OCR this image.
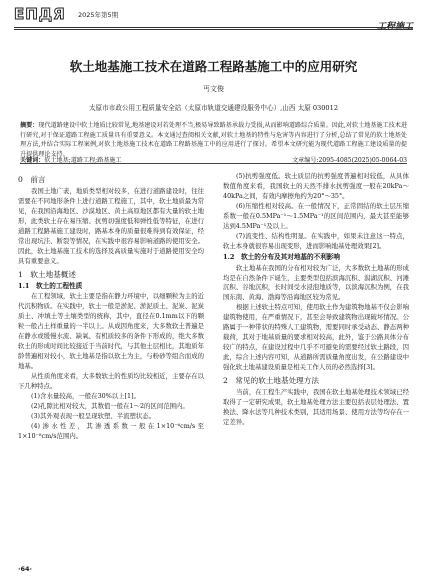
ЕПДЯ	2025年第5期
工程施工
软土地基施工技术在道路工程路基施工中的应用研究
丐文俊
太原市市政公用工程质量安全站（太原市轨道交通建设服务中心）,山西 太原 030012
摘要：现代道路建设中软土地质比较常见,地基建设对若处理不当,极易导致路基承载力受损,从而影响道路综合质量。因此,对软土地基施工技术进行研究,对于保证道路工程施工质量具有重要意义。本文通过查阅相关文献,对软土地基的特性与危害等内容进行了分析,总结了常见的软土地基处理方法,并结合实际工程案例,对软土地基施工技术在道路工程路基施工中的应用进行了探讨。希望本文研究能为现代道路工程施工建设质量的提升提供理论支持。
关键词：软土地基;道路工程;路基施工	文章编号:2095-4085(2025)05-0064-03

0　前言

我国土地广袤，地质类型相对较多，在进行道路建设时，往往需要在不同地形条件上进行道路工程施工，其中，软土地质最为常见，在我国沿海地区、沙漠地区、黄土高原地区都有大量的软土地形，此类软土存在易压缩、抗剪切强度低和弹性低等特征，在进行道路工程路基施工建设时，路基本身的质量很难得到有效保证，经常出现坑洼、断裂等情况，在实践中很容易影响道路的使用安全。因此，软土地基施工技术的选择及高质量实施对于道路使用安全均具有重要意义。

1　软土地基概述

1.1　软土的工程性质

在工程领域，软土主要是指在静力环境中，以细颗粒为主的近代沉积物质。在实践中，软土一般是淤泥、淤泥质土、泥炭、泥炭质土、冲填土等土壤类型的统称，其中，直径在0.1mm以下的颗粒一般占土样重量的一半以上。从成因角度来，大多数软土普遍是在静水或缓慢水流、缺氧、有机质较多的条件下形成的，绝大多数软土的形成时间比较接近于当前时代，与其他土层相比，其地质年龄普遍相对较小，软土地基是指以软土为主，与粉砂等组合而成的地基。

从性质角度来看，大多数软土的性质均比较相近，主要存在以下几种特点。

(1)含水量较高，一般在30%以上[1]。

(2)孔隙比相对较大，其数值一般在1～2的区间范围内。

(3)其外观表现一般呈现软塑、半流塑状态。

(4)渗水性差，其渗透系数一般在1×10⁻⁶cm/s至1×10⁻⁸cm/s范围内。

(5)抗剪强度低。软土质层的抗剪强度普遍相对较低，从具体数值角度来看，我国软土的天然不排水抗剪强度一般在20kPa～40kPa之间，有效内摩擦角约为20°～35°。

(6)压缩性相对较高。在一般情况下，正常固结的软土层压缩系数一般在0.5MPa⁻¹～1.5MPa⁻¹的区间范围内，最大甚至能够达到4.5MPa⁻¹及以上。

(7)流变性、结构性明显。在实践中，如果未注意这一特点，软土本身就很容易出现变形，进而影响地基处理效果[2]。

1.2　软土的分布及其对地基的不利影响

软土地基在我国的分布相对较为广泛，大多数软土地基的形成均是在自然条件下诞生，主要类型包括滨海沉积、潟湖沉积、河滩沉积、谷地沉积，长时间受水浸泡地质等，以滨海沉积为例，在我国东南、黄海、渤海等沿海地区较为常见。

根据上述软土特点可知，使用软土作为建筑物地基不仅会影响建筑物使用，在严重情况下，甚至会导致建筑物出现破坏情况。公路属于一种带状的特殊人工建筑物，需要同时承受动态、静态两种载荷，其对于地基质量的要求相对较高，此外，鉴于公路具体分布较广的特点，在建设过程中几乎不可避免的需要经过软土路段，因此，综合上述内容可知，从道路所需质量角度出发，在公路建设中强化软土地基建设质量是相关工作人员的必然选择[3]。

2　常见的软土地基处理方法

当前，在工程生产实践中，我国在软土地基处理技术领域已经取得了一定研究成果，软土地基处理方法主要包括表层处理法、置换法、降水法等几种技术类别，其适用场景、使用方法等均存在一定差异。

·64·
